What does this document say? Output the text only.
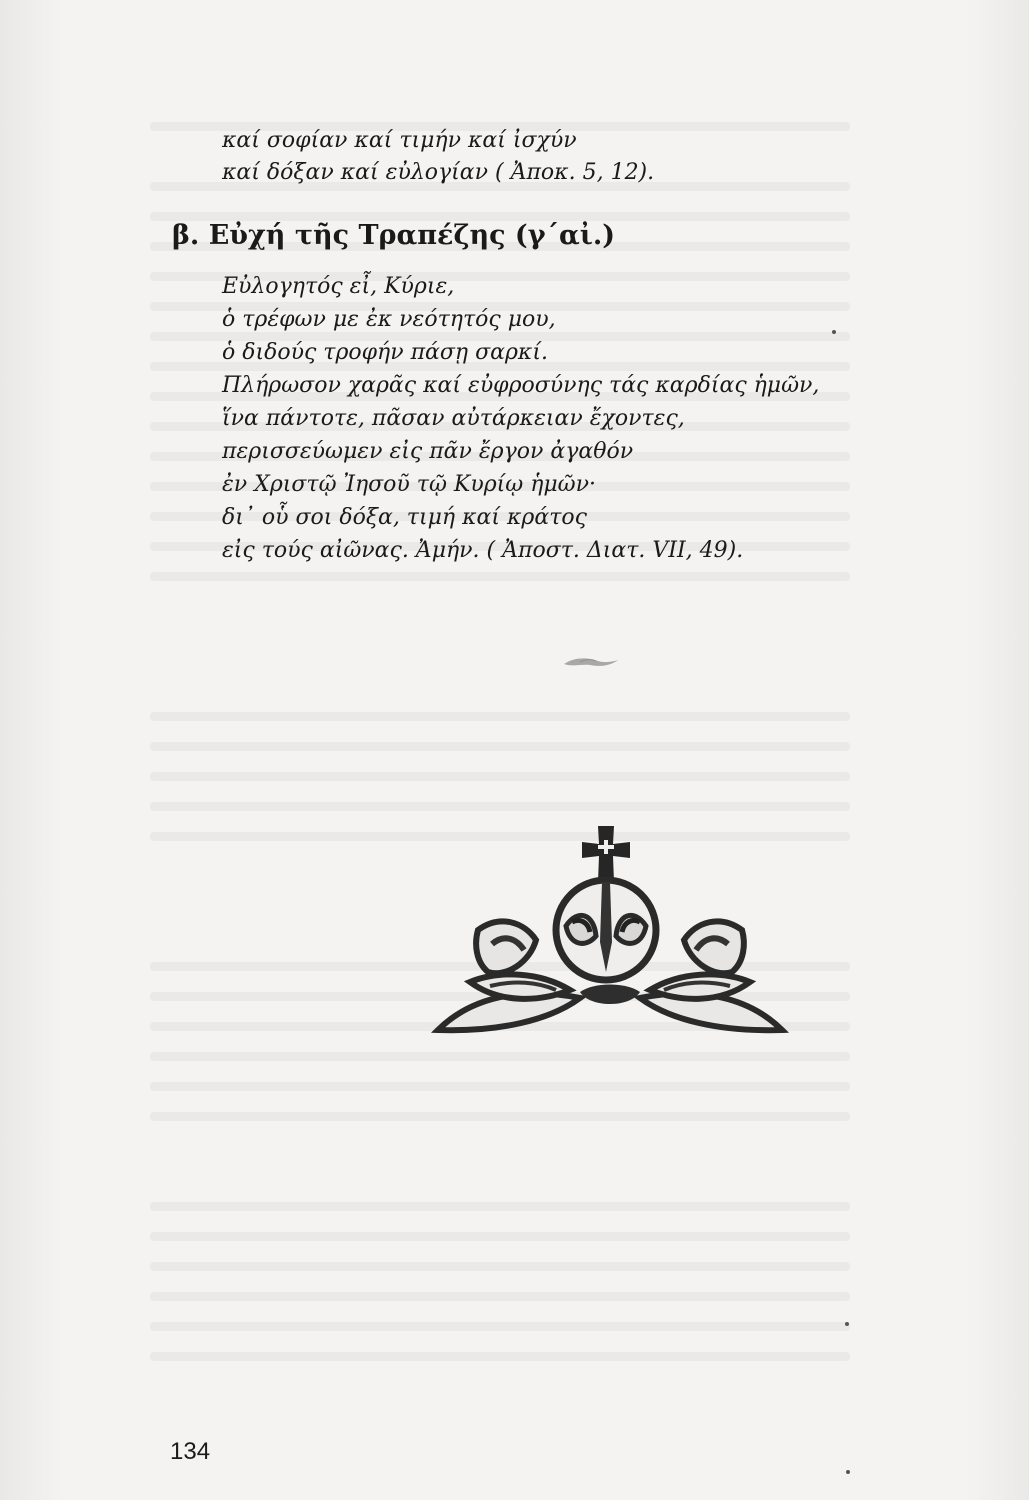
καί σοφίαν καί τιμήν καί ἰσχύν
καί δόξαν καί εὐλογίαν ( Ἀποκ. 5, 12).
β. Εὐχή τῆς Τραπέζης (γ΄αἰ.)
Εὐλογητός εἶ, Κύριε,
ὁ τρέφων με ἐκ νεότητός μου,
ὁ διδούς τροφήν πάσῃ σαρκί.
Πλήρωσον χαρᾶς καί εὐφροσύνης τάς καρδίας ἡμῶν,
ἵνα πάντοτε, πᾶσαν αὐτάρκειαν ἔχοντες,
περισσεύωμεν εἰς πᾶν ἔργον ἀγαθόν
ἐν Χριστῷ Ἰησοῦ τῷ Κυρίῳ ἡμῶν·
δι᾽ οὗ σοι δόξα, τιμή καί κράτος
εἰς τούς αἰῶνας. Ἀμήν. ( Ἀποστ. Διατ. VII, 49).
134
